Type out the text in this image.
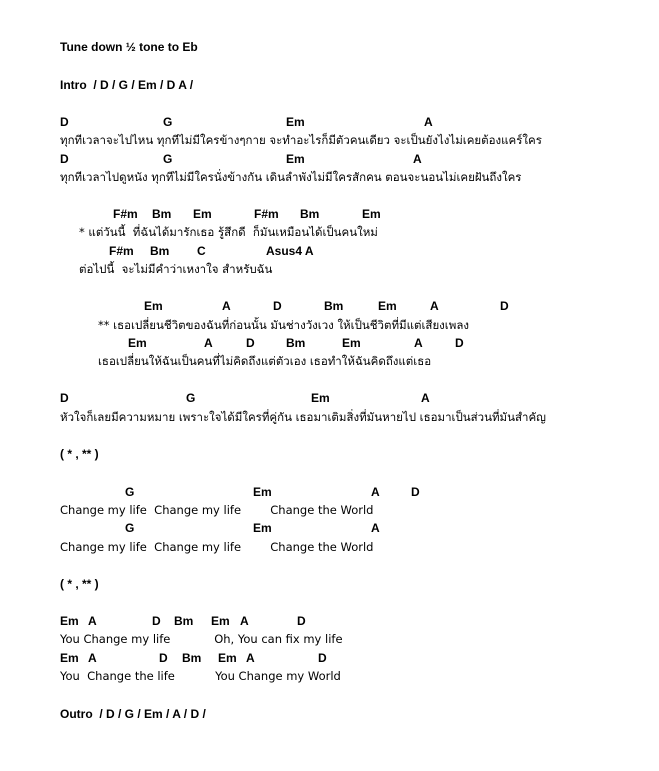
Tune down ½ tone to Eb
Intro  / D / G / Em / D A /
D	G	Em	A
ทุกทีเวลาจะไปไหน ทุกทีไม่มีใครข้างๆกาย จะทำอะไรก็มีตัวคนเดียว จะเป็นยังไงไม่เคยต้องแคร์ใคร
D	G	Em	A
ทุกทีเวลาไปดูหนัง ทุกทีไม่มีใครนั่งข้างกัน เดินลำพังไม่มีใครสักคน ตอนจะนอนไม่เคยฝันถึงใคร
F#m Bm Em	F#m Bm	Em
* แต่วันนี้  ที่ฉันได้มารักเธอ รู้สึกดี  ก็มันเหมือนได้เป็นคนใหม่
F#m Bm C	Asus4 A
ต่อไปนี้  จะไม่มีคำว่าเหงาใจ สำหรับฉัน
Em	A	D	Bm	Em	A	D
** เธอเปลี่ยนชีวิตของฉันที่ก่อนนั้น มันช่างวังเวง ให้เป็นชีวิตที่มีแต่เสียงเพลง
Em	A	D	Bm	Em	A	D
เธอเปลี่ยนให้ฉันเป็นคนที่ไม่คิดถึงแต่ตัวเอง เธอทำให้ฉันคิดถึงแต่เธอ
D	G	Em	A
หัวใจก็เลยมีความหมาย เพราะใจได้มีใครที่คู่กัน เธอมาเติมสิ่งที่มันหายไป เธอมาเป็นส่วนที่มันสำคัญ
( * , ** )
G	Em	A	D
Change my life  Change my life        Change the World
G	Em	A
Change my life  Change my life        Change the World
( * , ** )
Em A	D Bm Em A	D
You Change my life            Oh, You can fix my life
Em A	D Bm Em A	D
You  Change the life           You Change my World
Outro  / D / G / Em / A / D /
